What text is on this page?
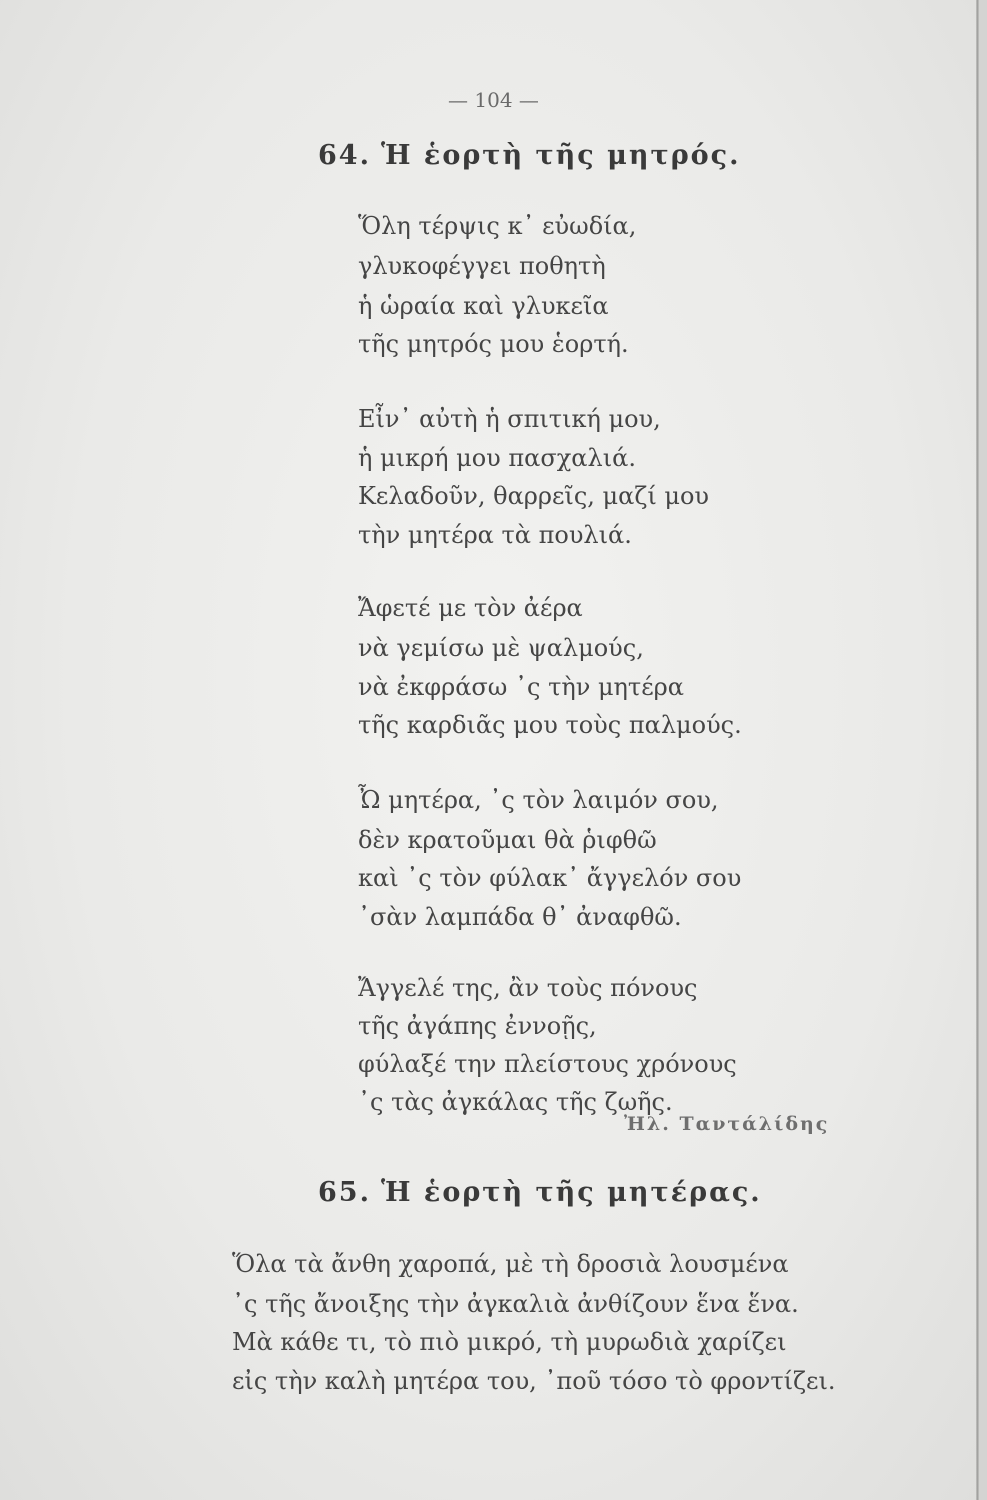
— 104 —
64. Ἡ ἑορτὴ τῆς μητρός.
Ὅλη τέρψις κ᾽ εὐωδία,
γλυκοφέγγει ποθητὴ
ἡ ὡραία καὶ γλυκεῖα
τῆς μητρός μου ἑορτή.
Εἶν᾽ αὐτὴ ἡ σπιτική μου,
ἡ μικρή μου πασχαλιά.
Κελαδοῦν, θαρρεῖς, μαζί μου
τὴν μητέρα τὰ πουλιά.
Ἄφετέ με τὸν ἀέρα
νὰ γεμίσω μὲ ψαλμούς,
νὰ ἐκφράσω ᾽ς τὴν μητέρα
τῆς καρδιᾶς μου τοὺς παλμούς.
Ὦ μητέρα, ᾽ς τὸν λαιμόν σου,
δὲν κρατοῦμαι θὰ ῥιφθῶ
καὶ ᾽ς τὸν φύλακ᾽ ἄγγελόν σου
᾽σὰν λαμπάδα θ᾽ ἀναφθῶ.
Ἄγγελέ της, ἂν τοὺς πόνους
τῆς ἀγάπης ἐννοῇς,
φύλαξέ την πλείστους χρόνους
᾽ς τὰς ἀγκάλας τῆς ζωῆς.
Ἠλ. Ταντάλίδης
65. Ἡ ἑορτὴ τῆς μητέρας.
Ὅλα τὰ ἄνθη χαροπά, μὲ τὴ δροσιὰ λουσμένα
᾽ς τῆς ἄνοιξης τὴν ἀγκαλιὰ ἀνθίζουν ἕνα ἕνα.
Μὰ κάθε τι, τὸ πιὸ μικρό, τὴ μυρωδιὰ χαρίζει
εἰς τὴν καλὴ μητέρα του, ᾽ποῦ τόσο τὸ φροντίζει.
